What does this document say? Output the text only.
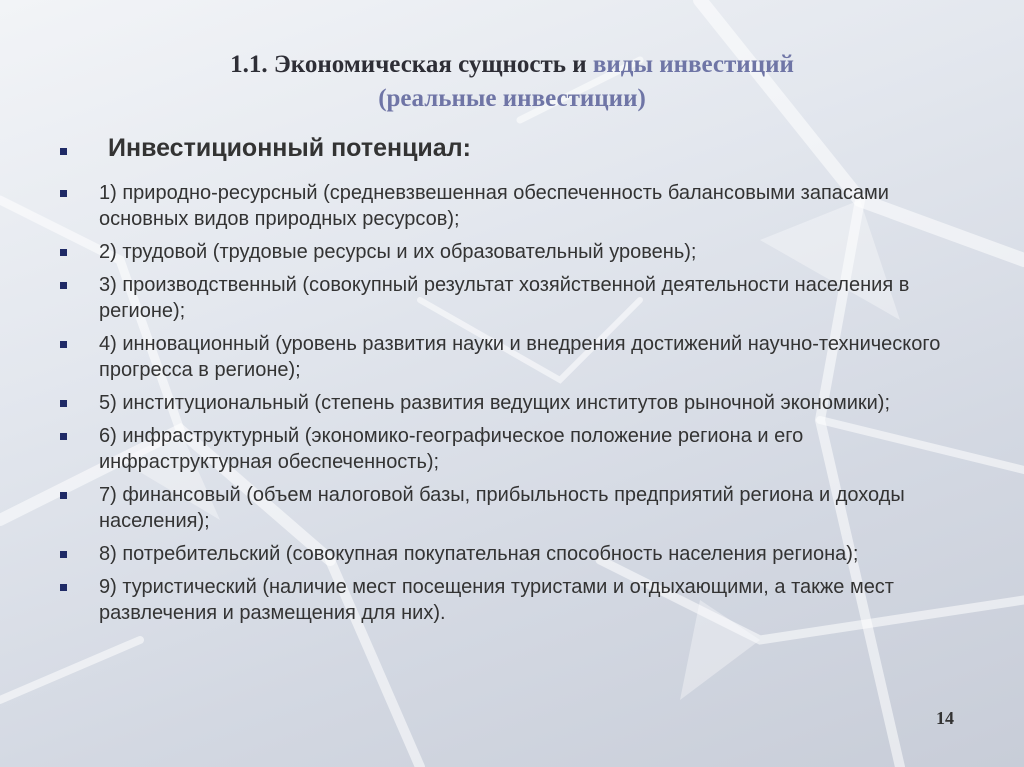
1.1. Экономическая сущность и виды инвестиций
(реальные инвестиции)
Инвестиционный потенциал:
1) природно-ресурсный (средневзвешенная обеспеченность балансовыми запасами основных видов природных ресурсов);
2) трудовой (трудовые ресурсы и их образовательный уровень);
3) производственный (совокупный результат хозяйственной деятельности населения в регионе);
4) инновационный (уровень развития науки и внедрения достижений научно-технического прогресса в регионе);
5) институциональный (степень развития ведущих институтов рыночной экономики);
6) инфраструктурный (экономико-географическое положение региона и его инфраструктурная обеспеченность);
7) финансовый (объем налоговой базы, прибыльность предприятий региона и доходы населения);
8) потребительский (совокупная покупательная способность населения региона);
9) туристический (наличие мест посещения туристами и отдыхающими, а также мест развлечения и размещения для них).
14
